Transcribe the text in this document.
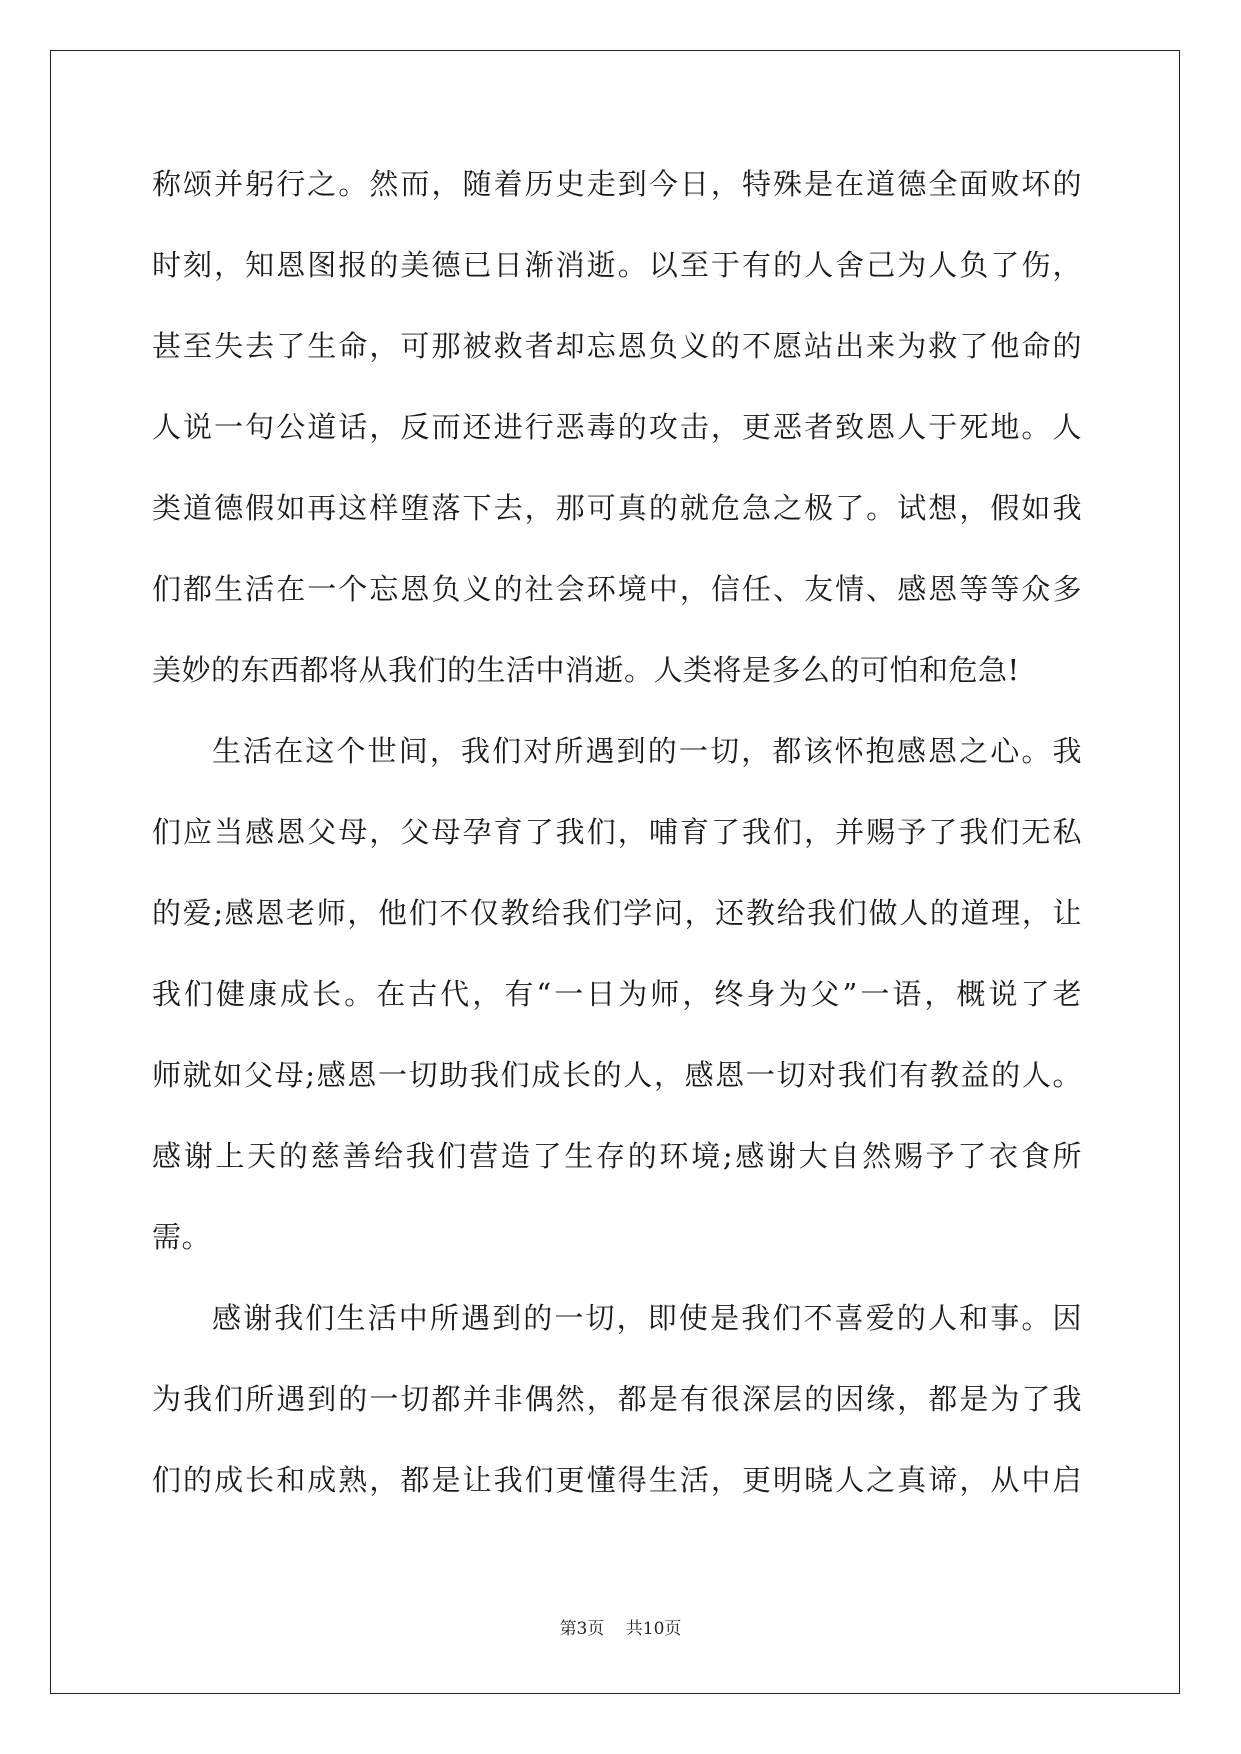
称颂并躬行之。然而，随着历史走到今日，特殊是在道德全面败坏的
时刻，知恩图报的美德已日渐消逝。以至于有的人舍己为人负了伤，
甚至失去了生命，可那被救者却忘恩负义的不愿站出来为救了他命的
人说一句公道话，反而还进行恶毒的攻击，更恶者致恩人于死地。人
类道德假如再这样堕落下去，那可真的就危急之极了。试想，假如我
们都生活在一个忘恩负义的社会环境中，信任、友情、感恩等等众多
美妙的东西都将从我们的生活中消逝。人类将是多么的可怕和危急!
生活在这个世间，我们对所遇到的一切，都该怀抱感恩之心。我
们应当感恩父母，父母孕育了我们，哺育了我们，并赐予了我们无私
的爱;感恩老师，他们不仅教给我们学问，还教给我们做人的道理，让
我们健康成长。在古代，有“一日为师，终身为父”一语，概说了老
师就如父母;感恩一切助我们成长的人，感恩一切对我们有教益的人。
感谢上天的慈善给我们营造了生存的环境;感谢大自然赐予了衣食所
需。
感谢我们生活中所遇到的一切，即使是我们不喜爱的人和事。因
为我们所遇到的一切都并非偶然，都是有很深层的因缘，都是为了我
们的成长和成熟，都是让我们更懂得生活，更明晓人之真谛，从中启
第3页 共10页
